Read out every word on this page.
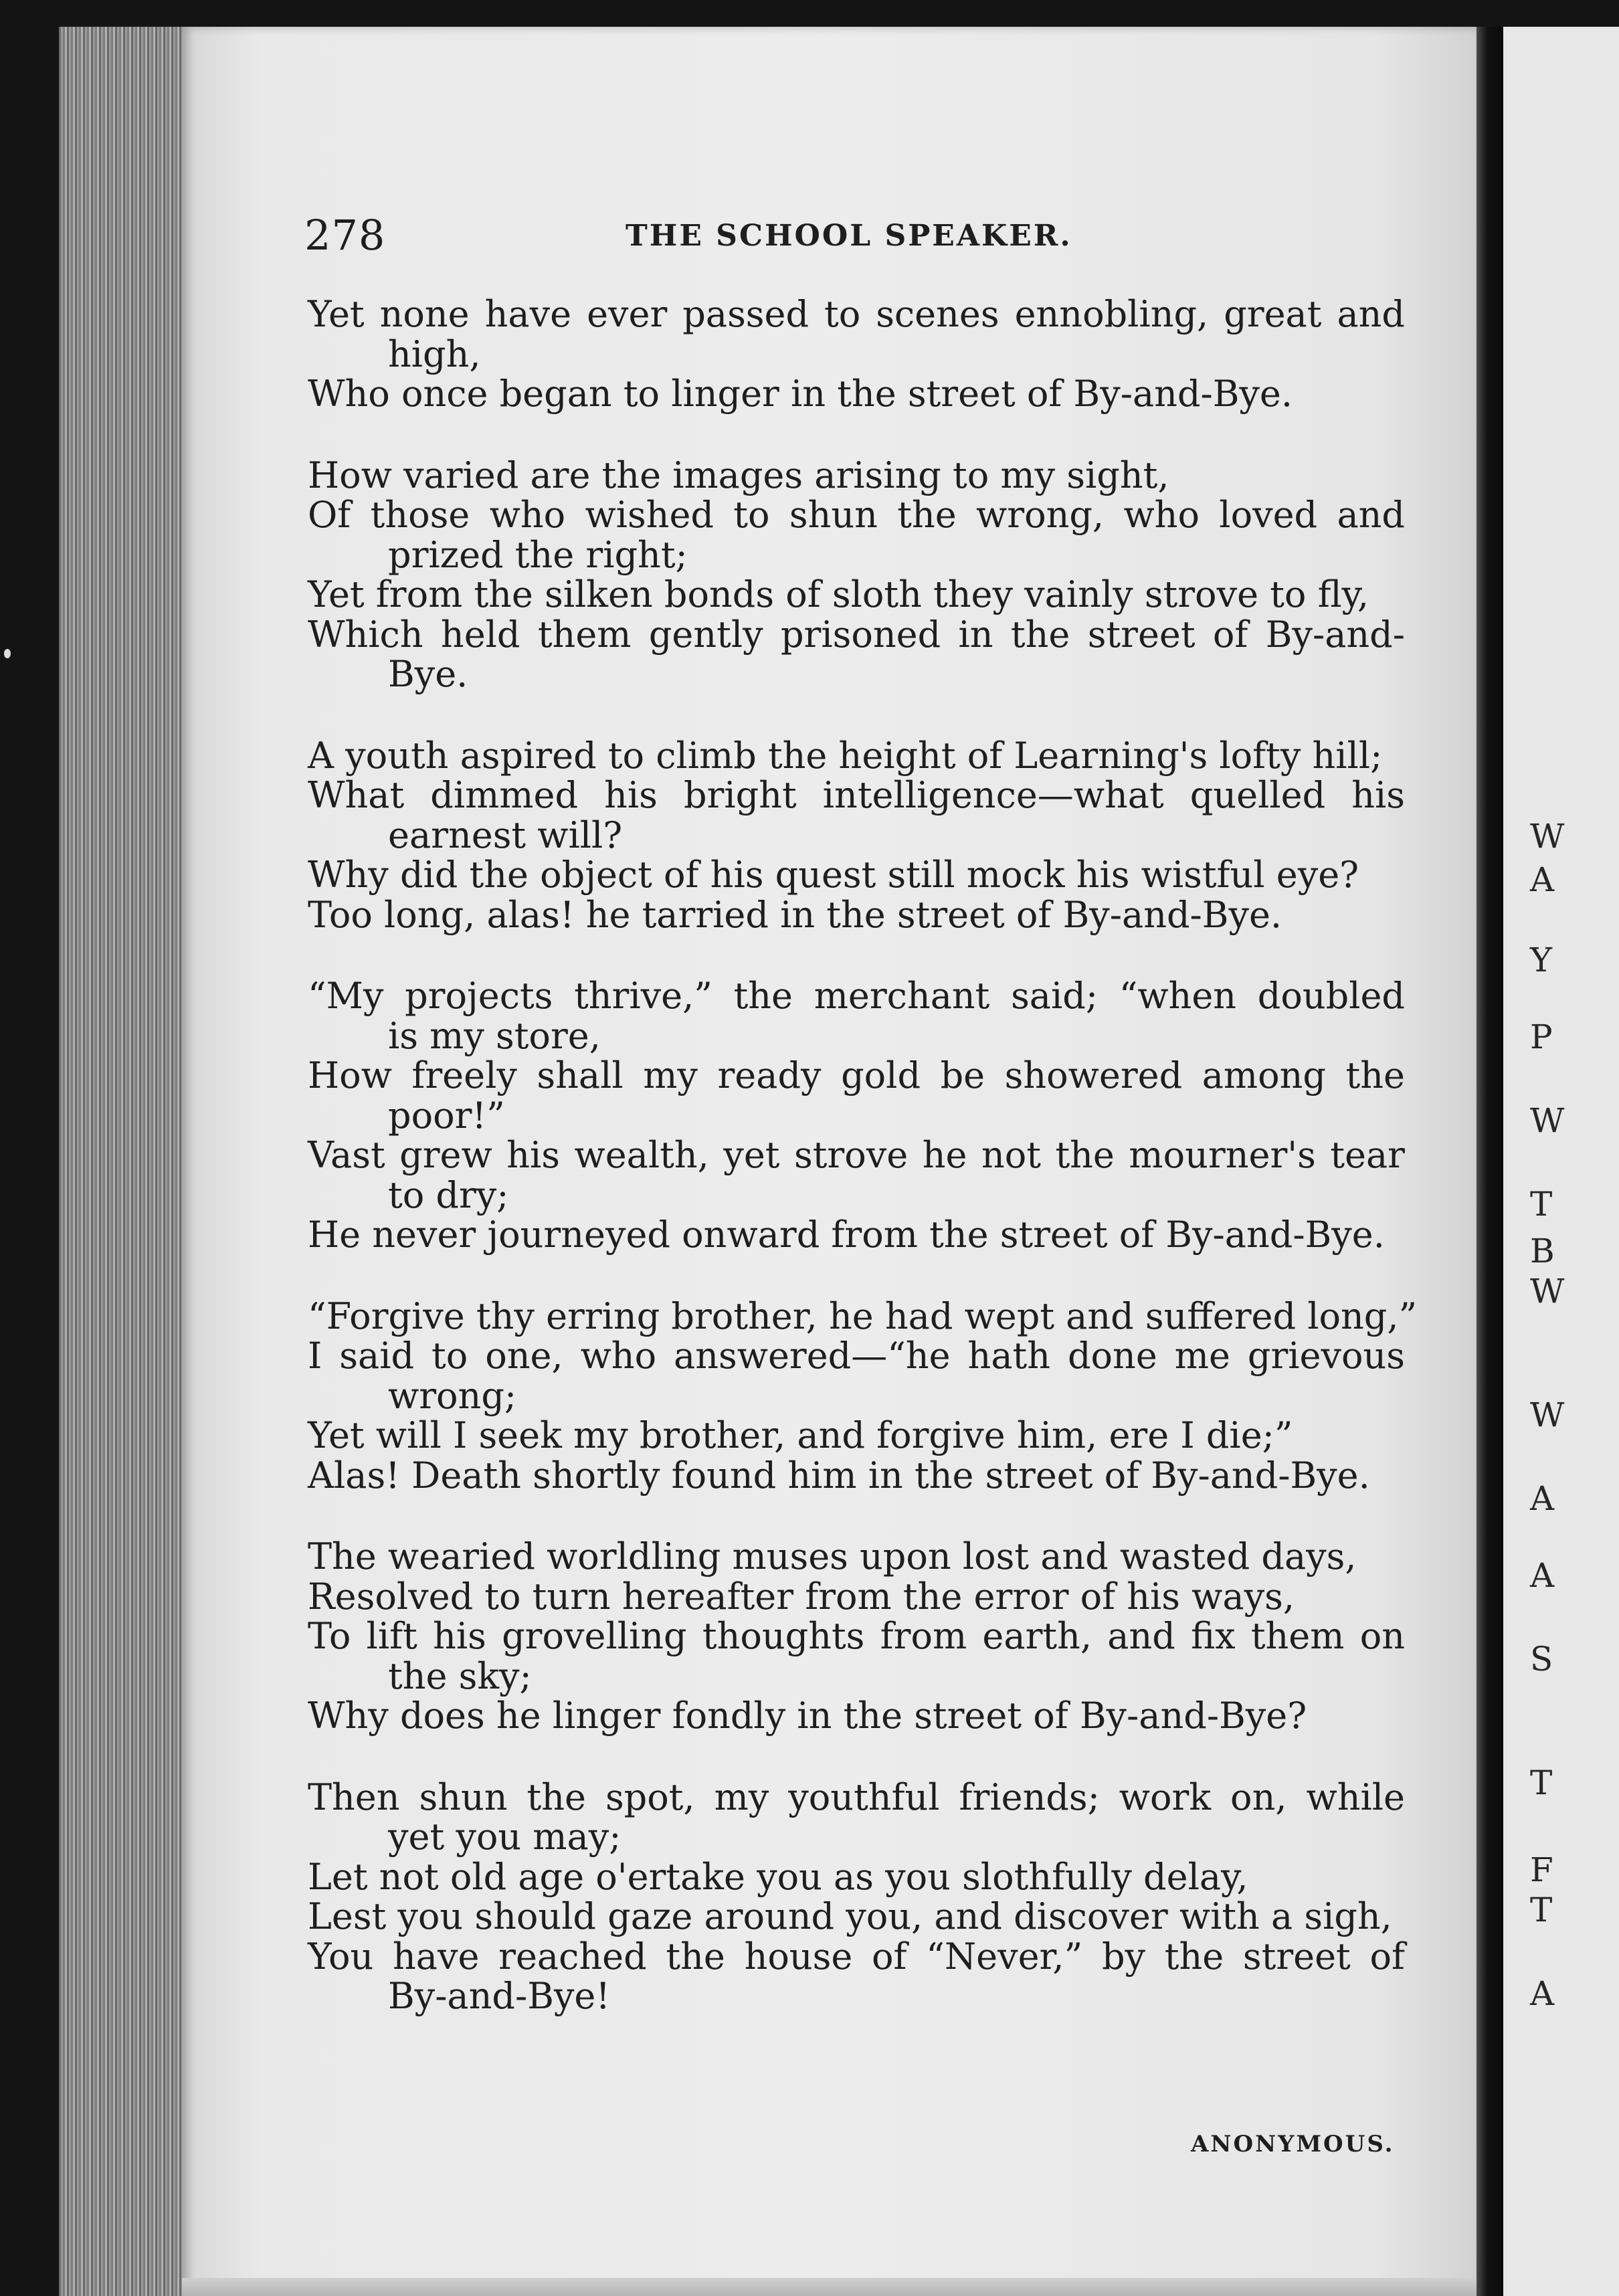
W
A
Y
P
W
T
B
W
W
A
A
S
T
F
T
A
278	THE SCHOOL SPEAKER.
Yet none have ever passed to scenes ennobling, great and
high,
Who once began to linger in the street of By-and-Bye.
How varied are the images arising to my sight,
Of those who wished to shun the wrong, who loved and
prized the right;
Yet from the silken bonds of sloth they vainly strove to fly,
Which held them gently prisoned in the street of By-and-
Bye.
A youth aspired to climb the height of Learning's lofty hill;
What dimmed his bright intelligence—what quelled his
earnest will?
Why did the object of his quest still mock his wistful eye?
Too long, alas! he tarried in the street of By-and-Bye.
“My projects thrive,” the merchant said; “when doubled
is my store,
How freely shall my ready gold be showered among the
poor!”
Vast grew his wealth, yet strove he not the mourner's tear
to dry;
He never journeyed onward from the street of By-and-Bye.
“Forgive thy erring brother, he had wept and suffered long,”
I said to one, who answered—“he hath done me grievous
wrong;
Yet will I seek my brother, and forgive him, ere I die;”
Alas! Death shortly found him in the street of By-and-Bye.
The wearied worldling muses upon lost and wasted days,
Resolved to turn hereafter from the error of his ways,
To lift his grovelling thoughts from earth, and fix them on
the sky;
Why does he linger fondly in the street of By-and-Bye?
Then shun the spot, my youthful friends; work on, while
yet you may;
Let not old age o'ertake you as you slothfully delay,
Lest you should gaze around you, and discover with a sigh,
You have reached the house of “Never,” by the street of
By-and-Bye!
ANONYMOUS.
